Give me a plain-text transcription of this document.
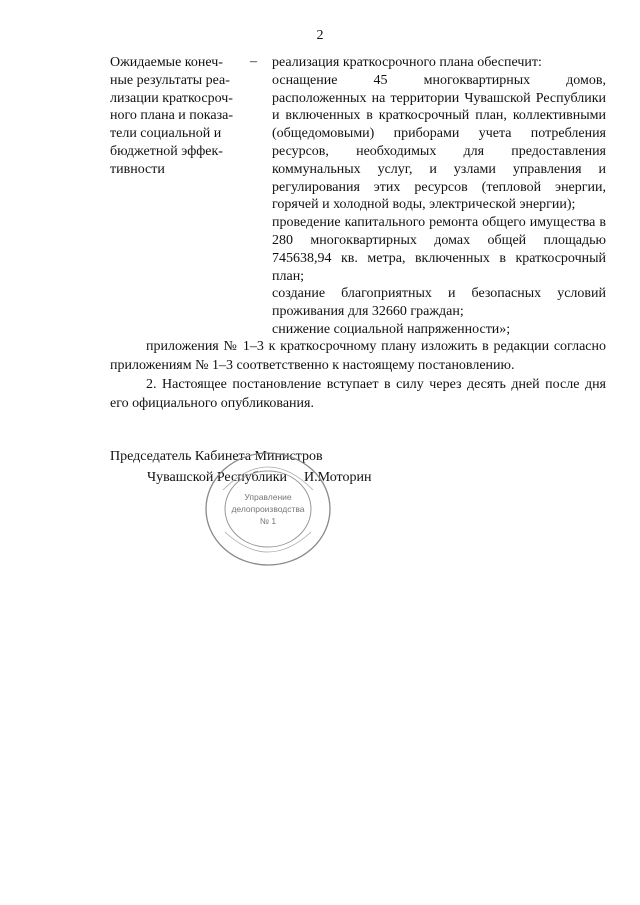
2
Ожидаемые конеч-
ные результаты реа-
лизации краткосроч-
ного плана и показа-
тели социальной и
бюджетной эффек-
тивности
– реализация краткосрочного плана обеспечит:

оснащение 45 многоквартирных домов, расположенных на территории Чувашской Республики и включенных в краткосрочный план, коллективными (общедомовыми) приборами учета потребления ресурсов, необходимых для предоставления коммунальных услуг, и узлами управления и регулирования этих ресурсов (тепловой энергии, горячей и холодной воды, электрической энергии);

проведение капитального ремонта общего имущества в 280 многоквартирных домах общей площадью 745638,94 кв. метра, включенных в краткосрочный план;

создание благоприятных и безопасных условий проживания для 32660 граждан;

снижение социальной напряженности»;

приложения № 1–3 к краткосрочному плану изложить в редакции согласно приложениям № 1–3 соответственно к настоящему постановлению.

2. Настоящее постановление вступает в силу через десять дней после дня его официального опубликования.

Председатель Кабинета Министров
Чувашской Республики	И.Моторин
Управление
делопроизводства
№ 1
